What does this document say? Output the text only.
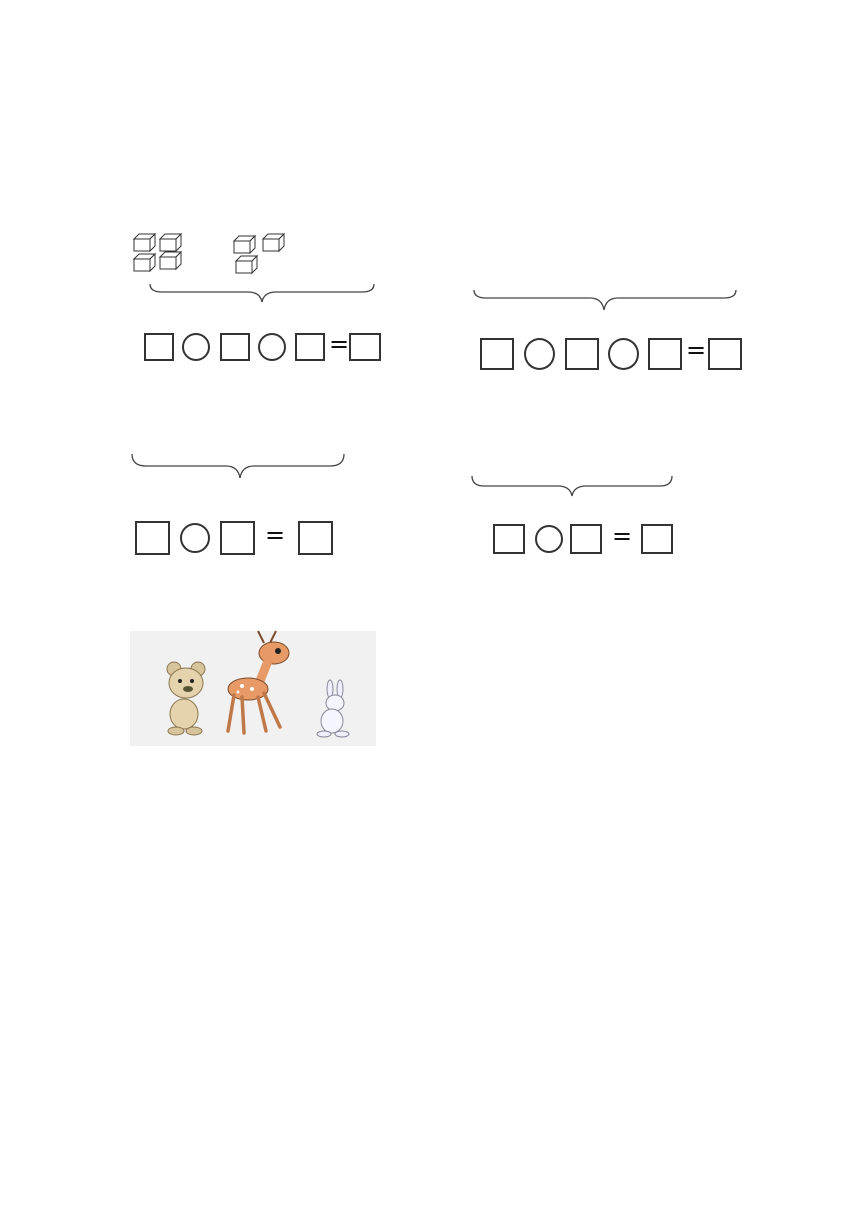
=	=
=	=
